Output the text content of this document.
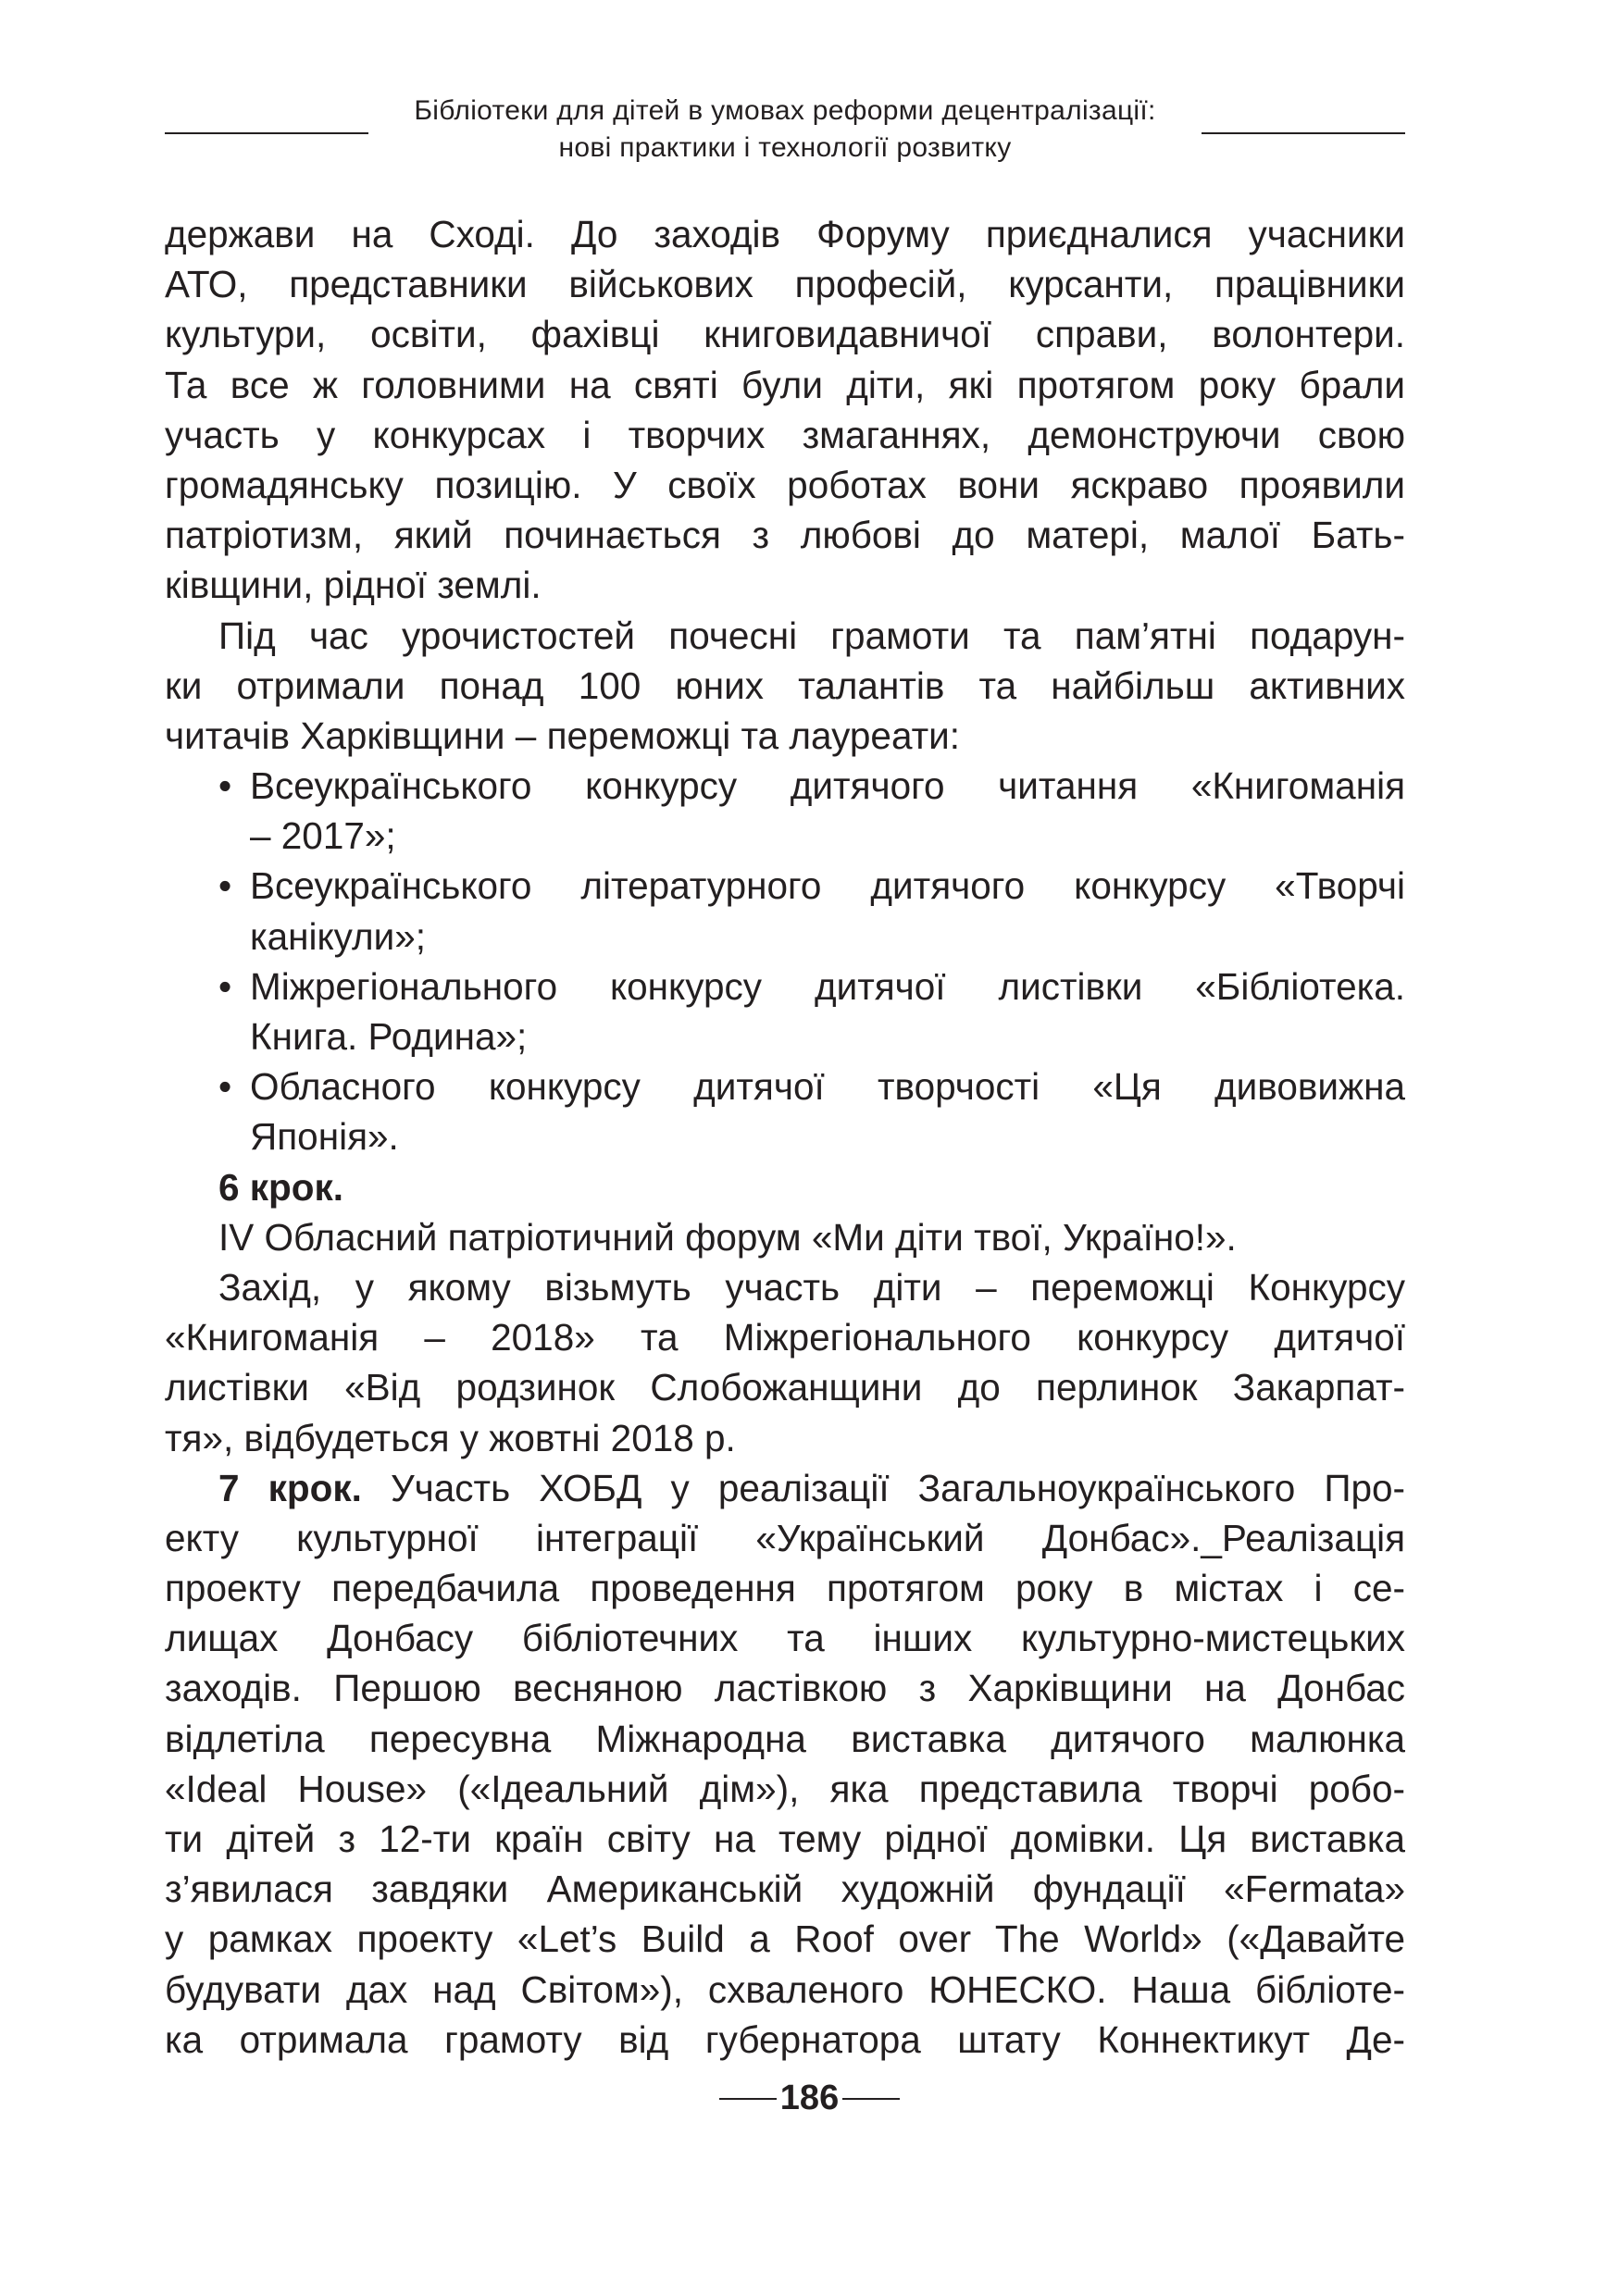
Бібліотеки для дітей в умовах реформи децентралізації:
нові практики і технології розвитку
держави на Сході. До заходів Форуму приєдналися учасники
АТО, представники військових професій, курсанти, працівники
культури, освіти, фахівці книговидавничої справи, волонтери.
Та все ж головними на святі були діти, які протягом року брали
участь у конкурсах і творчих змаганнях, демонструючи свою
громадянську позицію. У своїх роботах вони яскраво проявили
патріотизм, який починається з любові до матері, малої Бать-
ківщини, рідної землі.
Під час урочистостей почесні грамоти та пам’ятні подарун-
ки отримали понад 100 юних талантів та найбільш активних
читачів Харківщини – переможці та лауреати:
• Всеукраїнського конкурсу дитячого читання «Книгоманія
– 2017»;
• Всеукраїнського літературного дитячого конкурсу «Творчі
канікули»;
• Міжрегіонального конкурсу дитячої листівки «Бібліотека.
Книга. Родина»;
• Обласного конкурсу дитячої творчості «Ця дивовижна
Японія».
6 крок.
IV Обласний патріотичний форум «Ми діти твої, Україно!».
Захід, у якому візьмуть участь діти – переможці Конкурсу
«Книгоманія – 2018» та Міжрегіонального конкурсу дитячої
листівки «Від родзинок Слобожанщини до перлинок Закарпат-
тя», відбудеться у жовтні 2018 р.
7 крок. Участь ХОБД у реалізації Загальноукраїнського Про-
екту культурної інтеграції «Український Донбас»._Реалізація
проекту передбачила проведення протягом року в містах і се-
лищах Донбасу бібліотечних та інших культурно-мистецьких
заходів. Першою весняною ластівкою з Харківщини на Донбас
відлетіла пересувна Міжнародна виставка дитячого малюнка
«Ideal House» («Ідеальний дім»), яка представила творчі робо-
ти дітей з 12-ти країн світу на тему рідної домівки. Ця виставка
з’явилася завдяки Американській художній фундації «Fermata»
у рамках проекту «Let’s Build a Roof over The World» («Давайте
будувати дах над Світом»), схваленого ЮНЕСКО. Наша бібліоте-
ка отримала грамоту від губернатора штату Коннектикут Де-
186
